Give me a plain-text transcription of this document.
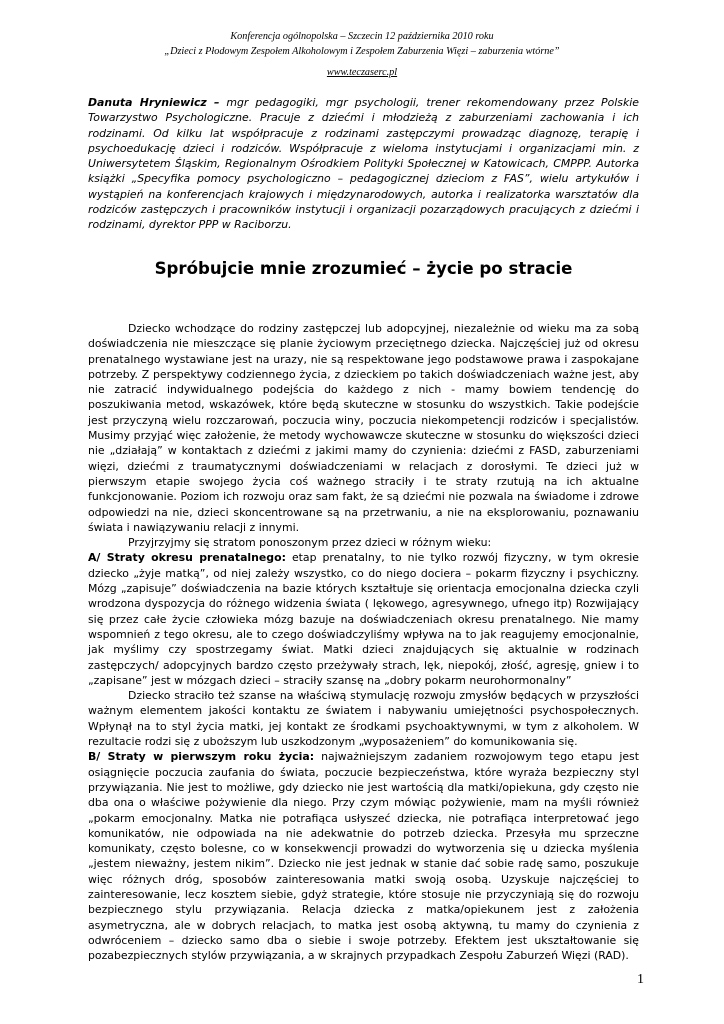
Konferencja ogólnopolska – Szczecin 12 października 2010 roku
„Dzieci z Płodowym Zespołem Alkoholowym i Zespołem Zaburzenia Więzi – zaburzenia wtórne”
www.teczaserc.pl

Danuta Hryniewicz – mgr pedagogiki, mgr psychologii, trener rekomendowany przez Polskie Towarzystwo Psychologiczne. Pracuje z dziećmi i młodzieżą z zaburzeniami zachowania i ich rodzinami. Od kilku lat współpracuje z rodzinami zastępczymi prowadząc diagnozę, terapię i psychoedukację dzieci i rodziców. Współpracuje z wieloma instytucjami i organizacjami min. z Uniwersytetem Śląskim, Regionalnym Ośrodkiem Polityki Społecznej w Katowicach, CMPPP. Autorka książki „Specyfika pomocy psychologiczno – pedagogicznej dzieciom z FAS”, wielu artykułów i wystąpień na konferencjach krajowych i międzynarodowych, autorka i realizatorka warsztatów dla rodziców zastępczych i pracowników instytucji i organizacji pozarządowych pracujących z dziećmi i rodzinami, dyrektor PPP w Raciborzu.

Spróbujcie mnie zrozumieć – życie po stracie

Dziecko wchodzące do rodziny zastępczej lub adopcyjnej, niezależnie od wieku ma za sobą doświadczenia nie mieszczące się planie życiowym przeciętnego dziecka. Najczęściej już od okresu prenatalnego wystawiane jest na urazy, nie są respektowane jego podstawowe prawa i zaspokajane potrzeby. Z perspektywy codziennego życia, z dzieckiem po takich doświadczeniach ważne jest, aby nie zatracić indywidualnego podejścia do każdego z nich - mamy bowiem tendencję do poszukiwania metod, wskazówek, które będą skuteczne w stosunku do wszystkich. Takie podejście jest przyczyną wielu rozczarowań, poczucia winy, poczucia niekompetencji rodziców i specjalistów. Musimy przyjąć więc założenie, że metody wychowawcze skuteczne w stosunku do większości dzieci nie „działają” w kontaktach z dziećmi z jakimi mamy do czynienia: dziećmi z FASD, zaburzeniami więzi, dziećmi z traumatycznymi doświadczeniami w relacjach z dorosłymi. Te dzieci już w pierwszym etapie swojego życia coś ważnego straciły i te straty rzutują na ich aktualne funkcjonowanie. Poziom ich rozwoju oraz sam fakt, że są dziećmi nie pozwala na świadome i zdrowe odpowiedzi na nie, dzieci skoncentrowane są na przetrwaniu, a nie na eksplorowaniu, poznawaniu świata i nawiązywaniu relacji z innymi.

Przyjrzyjmy się stratom ponoszonym przez dzieci w różnym wieku:

A/ Straty okresu prenatalnego: etap prenatalny, to nie tylko rozwój fizyczny, w tym okresie dziecko „żyje matką”, od niej zależy wszystko, co do niego dociera – pokarm fizyczny i psychiczny. Mózg „zapisuje” doświadczenia na bazie których kształtuje się orientacja emocjonalna dziecka czyli wrodzona dyspozycja do różnego widzenia świata ( lękowego, agresywnego, ufnego itp) Rozwijający się przez całe życie człowieka mózg bazuje na doświadczeniach okresu prenatalnego. Nie mamy wspomnień z tego okresu, ale to czego doświadczyliśmy wpływa na to jak reagujemy emocjonalnie, jak myślimy czy spostrzegamy świat. Matki dzieci znajdujących się aktualnie w rodzinach zastępczych/ adopcyjnych bardzo często przeżywały strach, lęk, niepokój, złość, agresję, gniew i to „zapisane” jest w mózgach dzieci – straciły szansę na „dobry pokarm neurohormonalny”

Dziecko straciło też szanse na właściwą stymulację rozwoju zmysłów będących w przyszłości ważnym elementem jakości kontaktu ze światem i nabywaniu umiejętności psychospołecznych. Wpłynął na to styl życia matki, jej kontakt ze środkami psychoaktywnymi, w tym z alkoholem. W rezultacie rodzi się z uboższym lub uszkodzonym „wyposażeniem” do komunikowania się.

B/ Straty w pierwszym roku życia: najważniejszym zadaniem rozwojowym tego etapu jest osiągnięcie poczucia zaufania do świata, poczucie bezpieczeństwa, które wyraża bezpieczny styl przywiązania. Nie jest to możliwe, gdy dziecko nie jest wartością dla matki/opiekuna, gdy często nie dba ona o właściwe pożywienie dla niego. Przy czym mówiąc pożywienie, mam na myśli również „pokarm emocjonalny. Matka nie potrafiąca usłyszeć dziecka, nie potrafiąca interpretować jego komunikatów, nie odpowiada na nie adekwatnie do potrzeb dziecka. Przesyła mu sprzeczne komunikaty, często bolesne, co w konsekwencji prowadzi do wytworzenia się u dziecka myślenia „jestem nieważny, jestem nikim”. Dziecko nie jest jednak w stanie dać sobie radę samo, poszukuje więc różnych dróg, sposobów zainteresowania matki swoją osobą. Uzyskuje najczęściej to zainteresowanie, lecz kosztem siebie, gdyż strategie, które stosuje nie przyczyniają się do rozwoju bezpiecznego stylu przywiązania. Relacja dziecka z matka/opiekunem jest z założenia asymetryczna, ale w dobrych relacjach, to matka jest osobą aktywną, tu mamy do czynienia z odwróceniem – dziecko samo dba o siebie i swoje potrzeby. Efektem jest ukształtowanie się pozabezpiecznych stylów przywiązania, a w skrajnych przypadkach Zespołu Zaburzeń Więzi (RAD).

1
